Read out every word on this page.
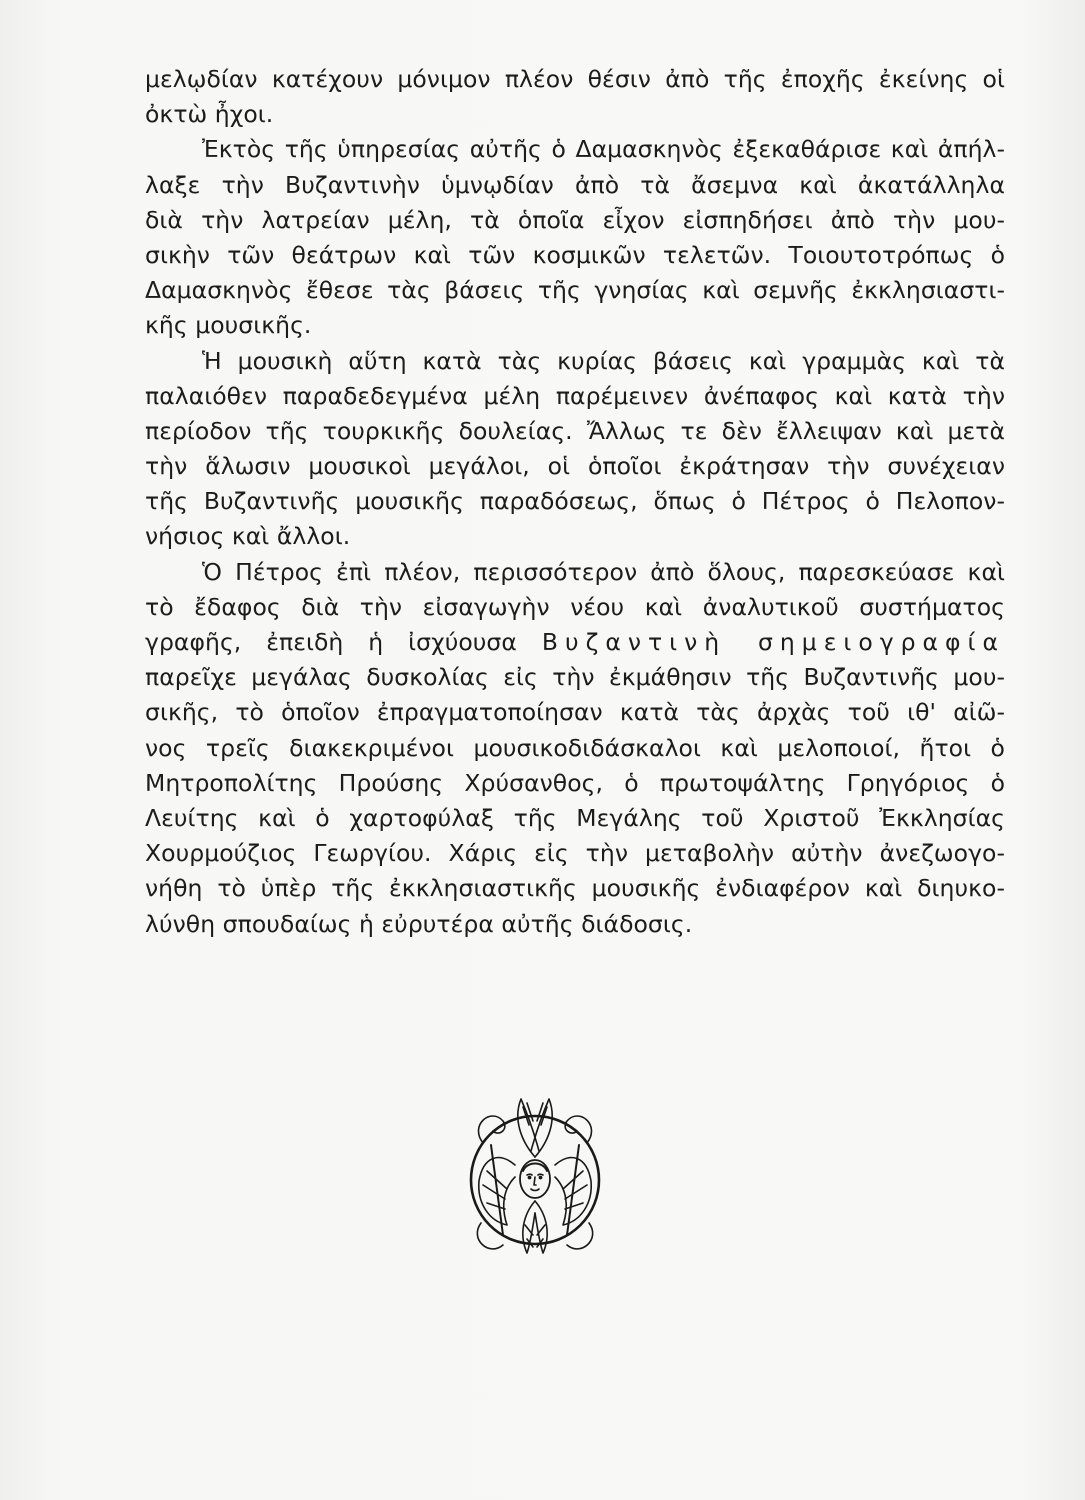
μελῳδίαν κατέχουν μόνιμον πλέον θέσιν ἀπὸ τῆς ἐποχῆς ἐκείνης οἱ
ὀκτὼ ἦχοι.
Ἐκτὸς τῆς ὑπηρεσίας αὐτῆς ὁ Δαμασκηνὸς ἐξεκαθάρισε καὶ ἀπήλ-
λαξε τὴν Βυζαντινὴν ὑμνῳδίαν ἀπὸ τὰ ἄσεμνα καὶ ἀκατάλληλα
διὰ τὴν λατρείαν μέλη, τὰ ὁποῖα εἶχον εἰσπηδήσει ἀπὸ τὴν μου-
σικὴν τῶν θεάτρων καὶ τῶν κοσμικῶν τελετῶν. Τοιουτοτρόπως ὁ
Δαμασκηνὸς ἔθεσε τὰς βάσεις τῆς γνησίας καὶ σεμνῆς ἐκκλησιαστι-
κῆς μουσικῆς.
Ἡ μουσικὴ αὕτη κατὰ τὰς κυρίας βάσεις καὶ γραμμὰς καὶ τὰ
παλαιόθεν παραδεδεγμένα μέλη παρέμεινεν ἀνέπαφος καὶ κατὰ τὴν
περίοδον τῆς τουρκικῆς δουλείας. Ἄλλως τε δὲν ἔλλειψαν καὶ μετὰ
τὴν ἅλωσιν μουσικοὶ μεγάλοι, οἱ ὁποῖοι ἐκράτησαν τὴν συνέχειαν
τῆς Βυζαντινῆς μουσικῆς παραδόσεως, ὅπως ὁ Πέτρος ὁ Πελοπον-
νήσιος καὶ ἄλλοι.
Ὁ Πέτρος ἐπὶ πλέον, περισσότερον ἀπὸ ὅλους, παρεσκεύασε καὶ
τὸ ἔδαφος διὰ τὴν εἰσαγωγὴν νέου καὶ ἀναλυτικοῦ συστήματος
γραφῆς, ἐπειδὴ ἡ ἰσχύουσα Βυζαντινὴ σημειογραφία
παρεῖχε μεγάλας δυσκολίας εἰς τὴν ἐκμάθησιν τῆς Βυζαντινῆς μου-
σικῆς, τὸ ὁποῖον ἐπραγματοποίησαν κατὰ τὰς ἀρχὰς τοῦ ιθ' αἰῶ-
νος τρεῖς διακεκριμένοι μουσικοδιδάσκαλοι καὶ μελοποιοί, ἤτοι ὁ
Μητροπολίτης Προύσης Χρύσανθος, ὁ πρωτοψάλτης Γρηγόριος ὁ
Λευίτης καὶ ὁ χαρτοφύλαξ τῆς Μεγάλης τοῦ Χριστοῦ Ἐκκλησίας
Χουρμούζιος Γεωργίου. Χάρις εἰς τὴν μεταβολὴν αὐτὴν ἀνεζωογο-
νήθη τὸ ὑπὲρ τῆς ἐκκλησιαστικῆς μουσικῆς ἐνδιαφέρον καὶ διηυκο-
λύνθη σπουδαίως ἡ εὐρυτέρα αὐτῆς διάδοσις.
